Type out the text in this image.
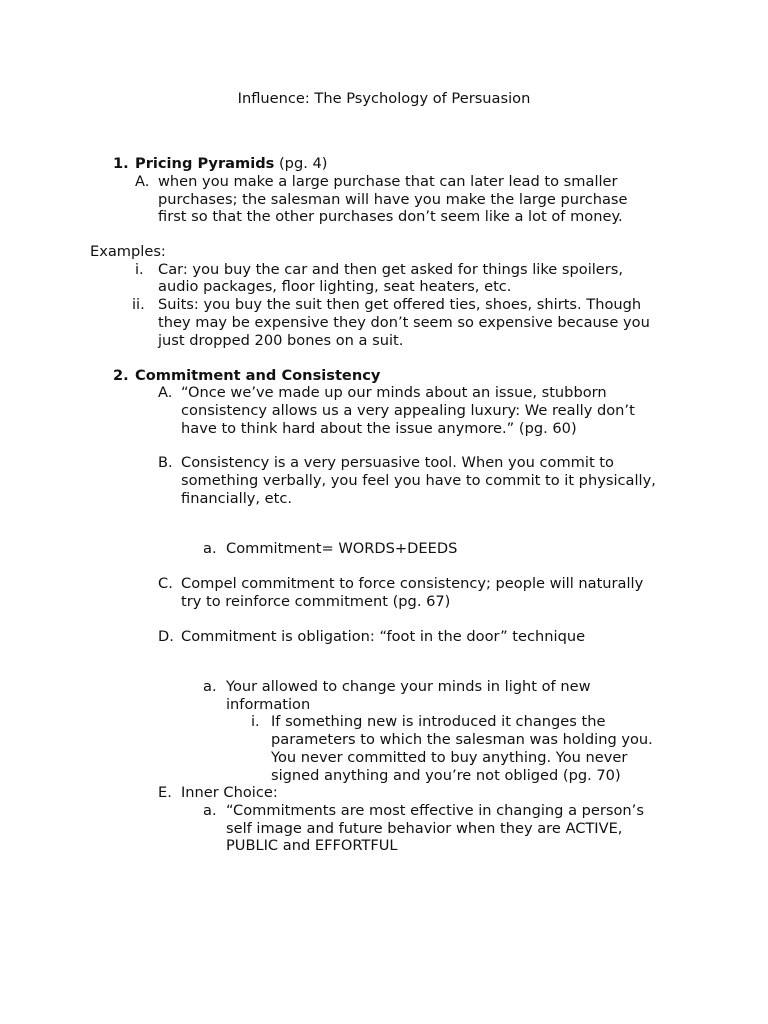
Influence: The Psychology of Persuasion
1. Pricing Pyramids (pg. 4)
A. when you make a large purchase that can later lead to smaller
purchases; the salesman will have you make the large purchase
first so that the other purchases don’t seem like a lot of money.
Examples:
i. Car: you buy the car and then get asked for things like spoilers,
audio packages, floor lighting, seat heaters, etc.
ii. Suits: you buy the suit then get offered ties, shoes, shirts. Though
they may be expensive they don’t seem so expensive because you
just dropped 200 bones on a suit.
2. Commitment and Consistency
A. “Once we’ve made up our minds about an issue, stubborn
consistency allows us a very appealing luxury: We really don’t
have to think hard about the issue anymore.” (pg. 60)
B. Consistency is a very persuasive tool. When you commit to
something verbally, you feel you have to commit to it physically,
financially, etc.
a. Commitment= WORDS+DEEDS
C. Compel commitment to force consistency; people will naturally
try to reinforce commitment (pg. 67)
D. Commitment is obligation: “foot in the door” technique
a. Your allowed to change your minds in light of new
information
i. If something new is introduced it changes the
parameters to which the salesman was holding you.
You never committed to buy anything. You never
signed anything and you’re not obliged (pg. 70)
E. Inner Choice:
a. “Commitments are most effective in changing a person’s
self image and future behavior when they are ACTIVE,
PUBLIC and EFFORTFUL
